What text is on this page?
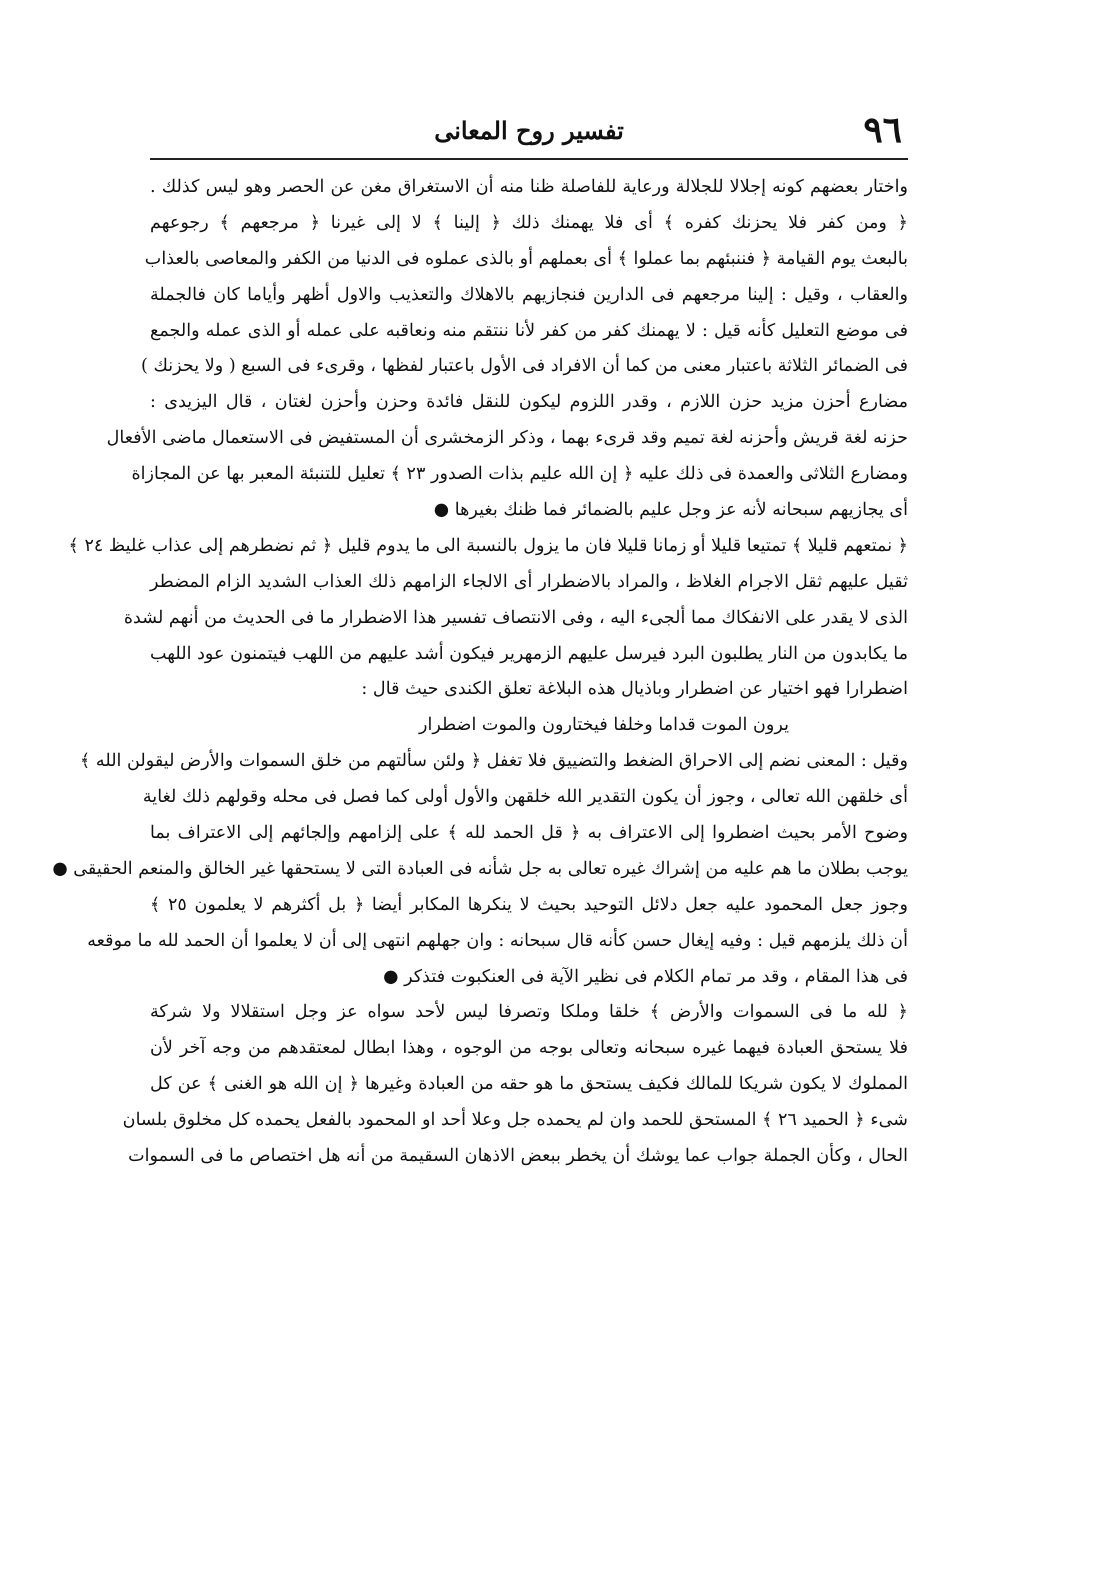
٩٦
تفسير روح المعانى
واختار بعضهم كونه إجلالا للجلالة ورعاية للفاصلة ظنا منه أن الاستغراق مغن عن الحصر وهو ليس كذلك .
﴿ ومن كفر فلا يحزنك كفره ﴾ أى فلا يهمنك ذلك ﴿ إلينا ﴾ لا إلى غيرنا ﴿ مرجعهم ﴾ رجوعهم
بالبعث يوم القيامة ﴿ فننبئهم بما عملوا ﴾ أى بعملهم أو بالذى عملوه فى الدنيا من الكفر والمعاصى بالعذاب
والعقاب ، وقيل : إلينا مرجعهم فى الدارين فنجازيهم بالاهلاك والتعذيب والاول أظهر وأياما كان فالجملة
فى موضع التعليل كأنه قيل : لا يهمنك كفر من كفر لأنا ننتقم منه ونعاقبه على عمله أو الذى عمله والجمع
فى الضمائر الثلاثة باعتبار معنى من كما أن الافراد فى الأول باعتبار لفظها ، وقرىء فى السبع ( ولا يحزنك )
مضارع أحزن مزيد حزن اللازم ، وقدر اللزوم ليكون للنقل فائدة وحزن وأحزن لغتان ، قال اليزيدى :
حزنه لغة قريش وأحزنه لغة تميم وقد قرىء بهما ، وذكر الزمخشرى أن المستفيض فى الاستعمال ماضى الأفعال
ومضارع الثلاثى والعمدة فى ذلك عليه ﴿ إن الله عليم بذات الصدور ٢٣ ﴾ تعليل للتنبئة المعبر بها عن المجازاة
أى يجازيهم سبحانه لأنه عز وجل عليم بالضمائر فما ظنك بغيرها ●
﴿ نمتعهم قليلا ﴾ تمتيعا قليلا أو زمانا قليلا فان ما يزول بالنسبة الى ما يدوم قليل ﴿ ثم نضطرهم إلى عذاب غليظ ٢٤ ﴾
ثقيل عليهم ثقل الاجرام الغلاظ ، والمراد بالاضطرار أى الالجاء الزامهم ذلك العذاب الشديد الزام المضطر
الذى لا يقدر على الانفكاك مما ألجىء اليه ، وفى الانتصاف تفسير هذا الاضطرار ما فى الحديث من أنهم لشدة
ما يكابدون من النار يطلبون البرد فيرسل عليهم الزمهرير فيكون أشد عليهم من اللهب فيتمنون عود اللهب
اضطرارا فهو اختيار عن اضطرار وباذيال هذه البلاغة تعلق الكندى حيث قال :
يرون الموت قداما وخلفا فيختارون والموت اضطرار
وقيل : المعنى نضم إلى الاحراق الضغط والتضييق فلا تغفل ﴿ ولئن سألتهم من خلق السموات والأرض ليقولن الله ﴾
أى خلقهن الله تعالى ، وجوز أن يكون التقدير الله خلقهن والأول أولى كما فصل فى محله وقولهم ذلك لغاية
وضوح الأمر بحيث اضطروا إلى الاعتراف به ﴿ قل الحمد لله ﴾ على إلزامهم وإلجائهم إلى الاعتراف بما
يوجب بطلان ما هم عليه من إشراك غيره تعالى به جل شأنه فى العبادة التى لا يستحقها غير الخالق والمنعم الحقيقى ●
وجوز جعل المحمود عليه جعل دلائل التوحيد بحيث لا ينكرها المكابر أيضا ﴿ بل أكثرهم لا يعلمون ٢٥ ﴾
أن ذلك يلزمهم قيل : وفيه إيغال حسن كأنه قال سبحانه : وان جهلهم انتهى إلى أن لا يعلموا أن الحمد لله ما موقعه
فى هذا المقام ، وقد مر تمام الكلام فى نظير الآية فى العنكبوت فتذكر ●
﴿ لله ما فى السموات والأرض ﴾ خلقا وملكا وتصرفا ليس لأحد سواه عز وجل استقلالا ولا شركة
فلا يستحق العبادة فيهما غيره سبحانه وتعالى بوجه من الوجوه ، وهذا ابطال لمعتقدهم من وجه آخر لأن
المملوك لا يكون شريكا للمالك فكيف يستحق ما هو حقه من العبادة وغيرها ﴿ إن الله هو الغنى ﴾ عن كل
شىء ﴿ الحميد ٢٦ ﴾ المستحق للحمد وان لم يحمده جل وعلا أحد او المحمود بالفعل يحمده كل مخلوق بلسان
الحال ، وكأن الجملة جواب عما يوشك أن يخطر ببعض الاذهان السقيمة من أنه هل اختصاص ما فى السموات
